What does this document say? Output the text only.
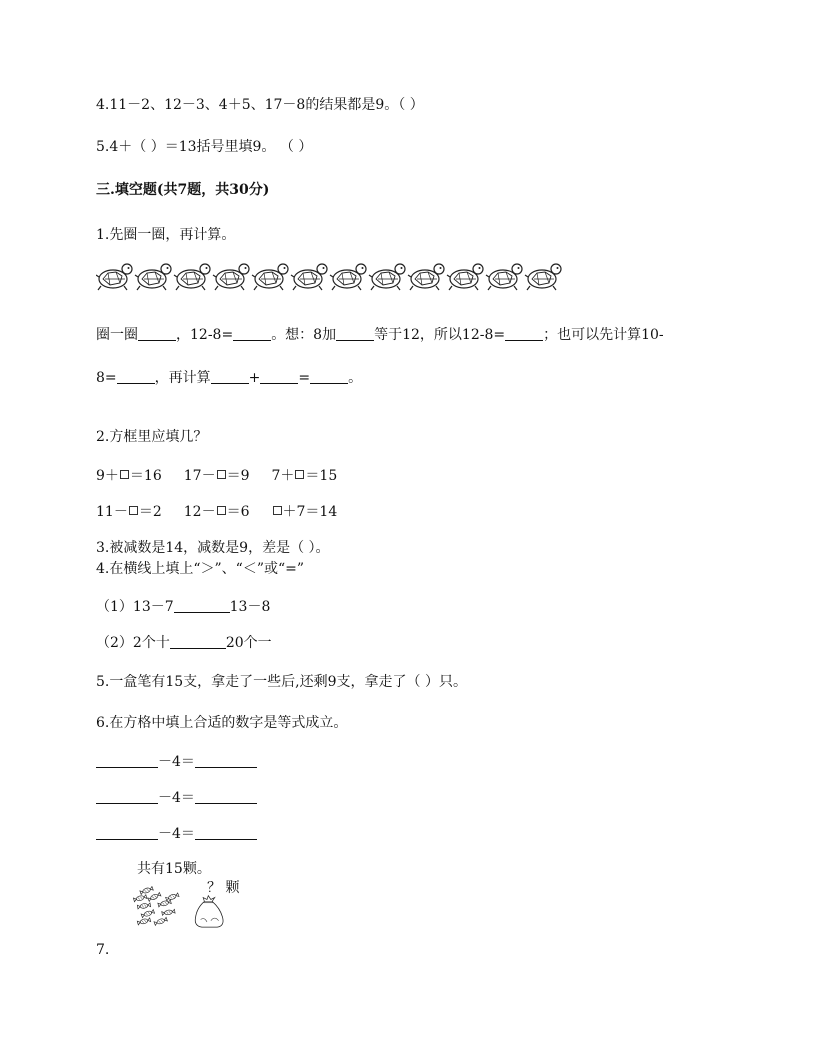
4.11－2、12－3、4＋5、17－8的结果都是9。（ ）
5.4＋（ ）＝13括号里填9。 （ ）
三.填空题(共7题，共30分)
1.先圈一圈，再计算。
圈一圈	，12-8=	。想：8加	等于12，所以12-8=	；也可以先计算10-
8=	，再计算	+	=	。
2.方框里应填几？
9＋ ＝16 17－ ＝9 7＋ ＝15
11－ ＝2 12－ ＝6 ＋7＝14
3.被减数是14，减数是9，差是（ ）。
4.在横线上填上“＞”、“＜”或“=”
（1）13－7	13－8
（2）2个十	20个一
5.一盒笔有15支，拿走了一些后,还剩9支，拿走了（ ）只。
6.在方格中填上合适的数字是等式成立。
－4＝
－4＝
－4＝
共有15颗。
？ 颗
7.
